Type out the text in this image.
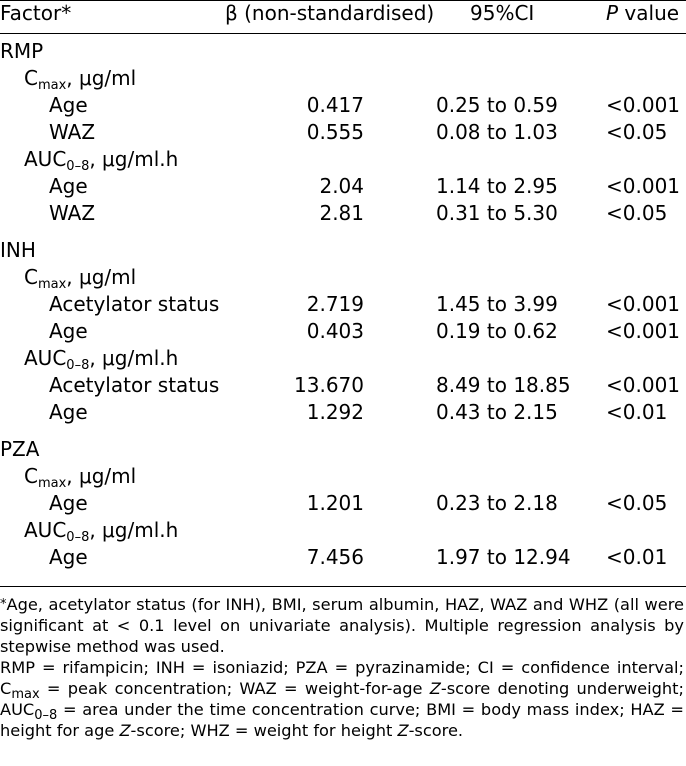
Factor*	β (non-standardised) 95%CI	P value
RMP
$C_{max}$, μg/ml
Age	0.417	0.25 to 0.59 <0.001
WAZ	0.555	0.08 to 1.03 <0.05
$AUC_{0-8}$, μg/ml.h
Age	2.04	1.14 to 2.95 <0.001
WAZ	2.81	0.31 to 5.30 <0.05
INH
$C_{max}$, μg/ml
Acetylator status	2.719	1.45 to 3.99 <0.001
Age	0.403	0.19 to 0.62 <0.001
$AUC_{0-8}$, μg/ml.h
Acetylator status	13.670	8.49 to 18.85 <0.001
Age	1.292	0.43 to 2.15 <0.01
PZA
$C_{max}$, μg/ml
Age	1.201	0.23 to 2.18 <0.05
$AUC_{0-8}$, μg/ml.h
Age	7.456	1.97 to 12.94 <0.01

*Age, acetylator status (for INH), BMI, serum albumin, HAZ, WAZ and WHZ (all were significant at < 0.1 level on univariate analysis). Multiple regression analysis by stepwise method was used.

RMP = rifampicin; INH = isoniazid; PZA = pyrazinamide; CI = confidence interval; $C_{max}$ = peak concentration; WAZ = weight-for-age Z-score denoting underweight; $AUC_{0-8}$ = area under the time concentration curve; BMI = body mass index; HAZ = height for age Z-score; WHZ = weight for height Z-score.
